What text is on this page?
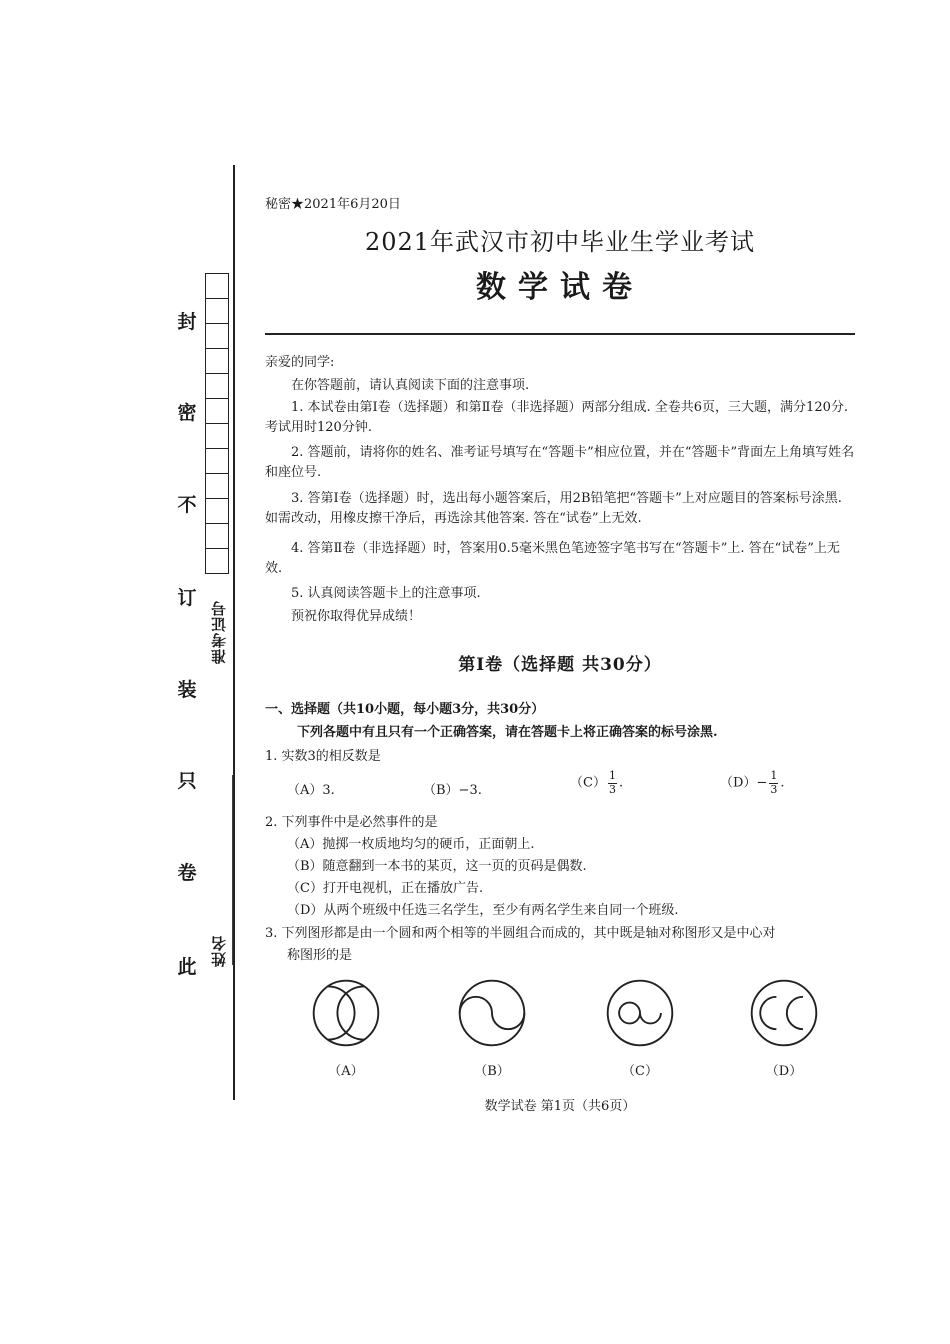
封
密
不
订
装
只
卷
此
准考证号
姓名
秘密★2021年6月20日
2021年武汉市初中毕业生学业考试
数学试卷
亲爱的同学:
在你答题前，请认真阅读下面的注意事项.
1. 本试卷由第Ⅰ卷（选择题）和第Ⅱ卷（非选择题）两部分组成. 全卷共6页，三大题，满分120分. 考试用时120分钟.
2. 答题前，请将你的姓名、准考证号填写在“答题卡”相应位置，并在“答题卡”背面左上角填写姓名和座位号.
3. 答第Ⅰ卷（选择题）时，选出每小题答案后，用2B铅笔把“答题卡”上对应题目的答案标号涂黑. 如需改动，用橡皮擦干净后，再选涂其他答案. 答在“试卷”上无效.
4. 答第Ⅱ卷（非选择题）时，答案用0.5毫米黑色笔迹签字笔书写在“答题卡”上. 答在“试卷”上无效.
5. 认真阅读答题卡上的注意事项.
预祝你取得优异成绩！
第Ⅰ卷（选择题 共30分）
一、选择题（共10小题，每小题3分，共30分）
下列各题中有且只有一个正确答案，请在答题卡上将正确答案的标号涂黑.
1. 实数3的相反数是
（A）3.	（B）−3.	$(C) \frac{1}{3}$ .	$(D)- \frac{1}{3}$ .
2. 下列事件中是必然事件的是
（A）抛掷一枚质地均匀的硬币，正面朝上.
（B）随意翻到一本书的某页，这一页的页码是偶数.
（C）打开电视机，正在播放广告.
（D）从两个班级中任选三名学生，至少有两名学生来自同一个班级.
3. 下列图形都是由一个圆和两个相等的半圆组合而成的，其中既是轴对称图形又是中心对
称图形的是
（A）	（B）	（C）	（D）
数学试卷 第1页（共6页）
